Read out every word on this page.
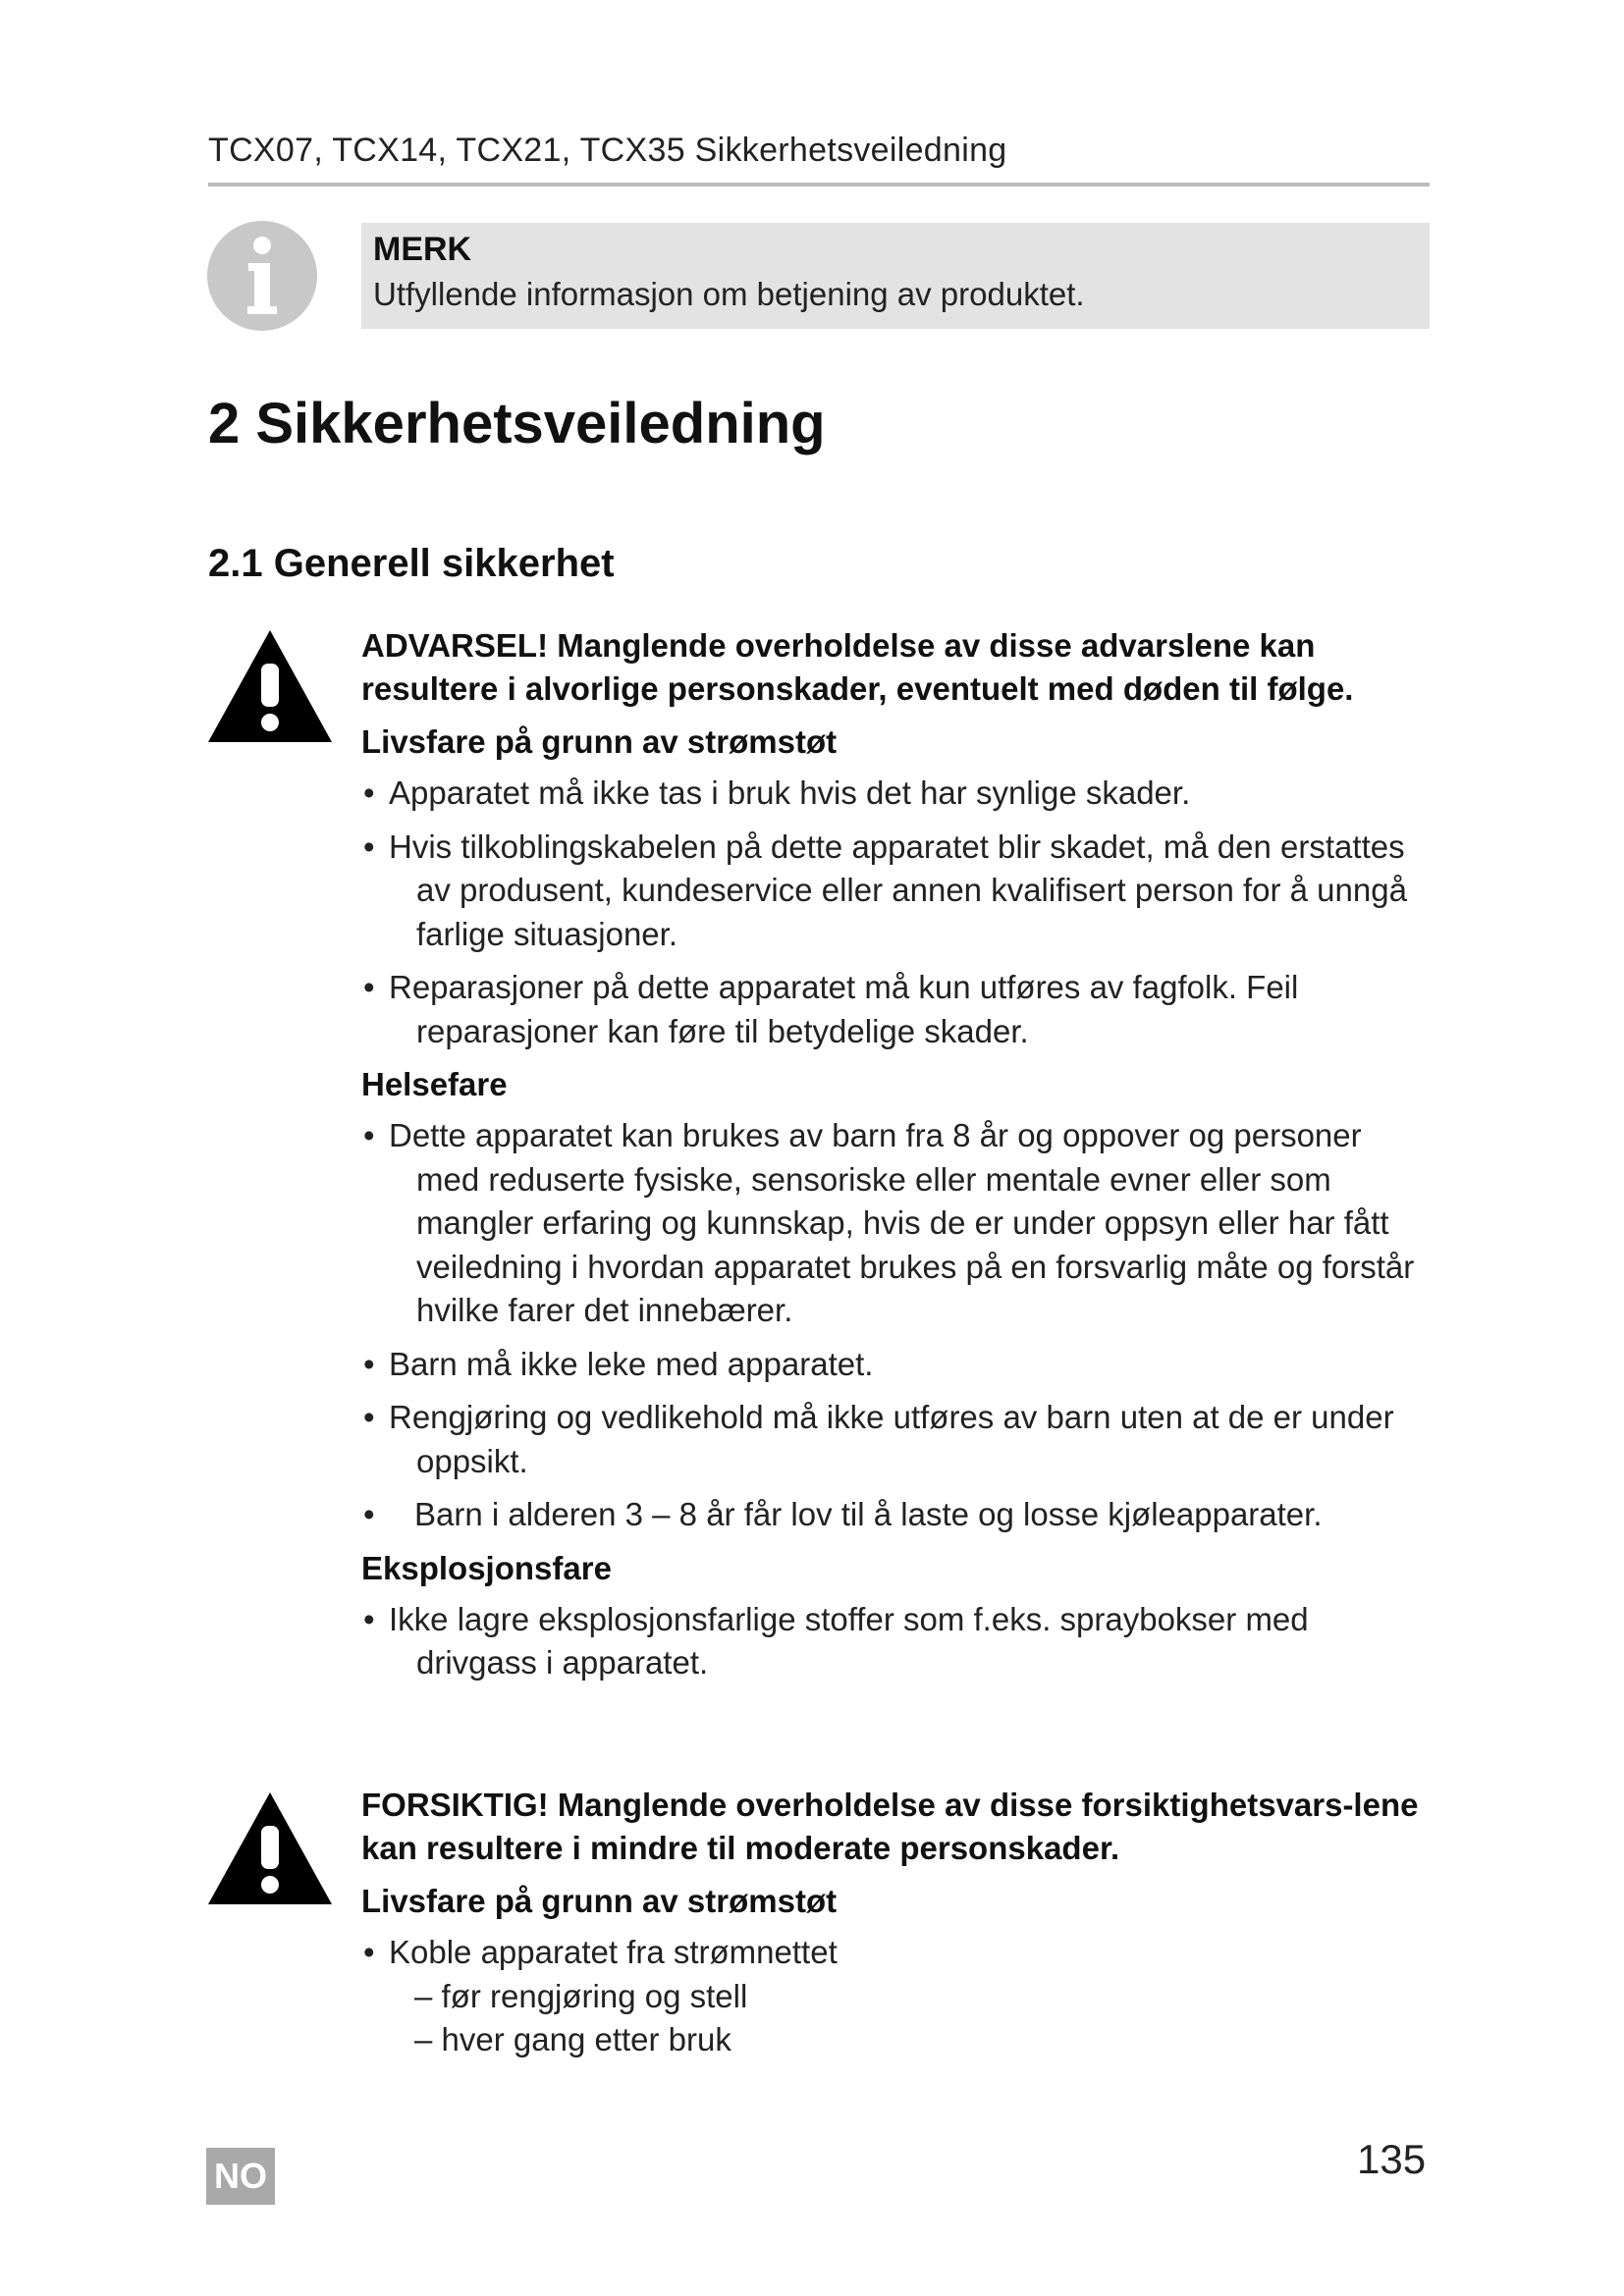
TCX07, TCX14, TCX21, TCX35 Sikkerhetsveiledning
MERK
Utfyllende informasjon om betjening av produktet.
2 Sikkerhetsveiledning
2.1 Generell sikkerhet

ADVARSEL! Manglende overholdelse av disse advarslene kan resultere i alvorlige personskader, eventuelt med døden til følge.

Livsfare på grunn av strømstøt
• Apparatet må ikke tas i bruk hvis det har synlige skader.
• Hvis tilkoblingskabelen på dette apparatet blir skadet, må den erstattes av produsent, kundeservice eller annen kvalifisert person for å unngå farlige situasjoner.
• Reparasjoner på dette apparatet må kun utføres av fagfolk. Feil reparasjoner kan føre til betydelige skader.
Helsefare
• Dette apparatet kan brukes av barn fra 8 år og oppover og personer med reduserte fysiske, sensoriske eller mentale evner eller som mangler erfaring og kunnskap, hvis de er under oppsyn eller har fått veiledning i hvordan apparatet brukes på en forsvarlig måte og forstår hvilke farer det innebærer.
• Barn må ikke leke med apparatet.
• Rengjøring og vedlikehold må ikke utføres av barn uten at de er under oppsikt.
• Barn i alderen 3 – 8 år får lov til å laste og losse kjøleapparater.
Eksplosjonsfare
• Ikke lagre eksplosjonsfarlige stoffer som f.eks. spraybokser med drivgass i apparatet.

FORSIKTIG! Manglende overholdelse av disse forsiktighetsvars-lene kan resultere i mindre til moderate personskader.

Livsfare på grunn av strømstøt
• Koble apparatet fra strømnettet
– før rengjøring og stell
– hver gang etter bruk
NO	135
